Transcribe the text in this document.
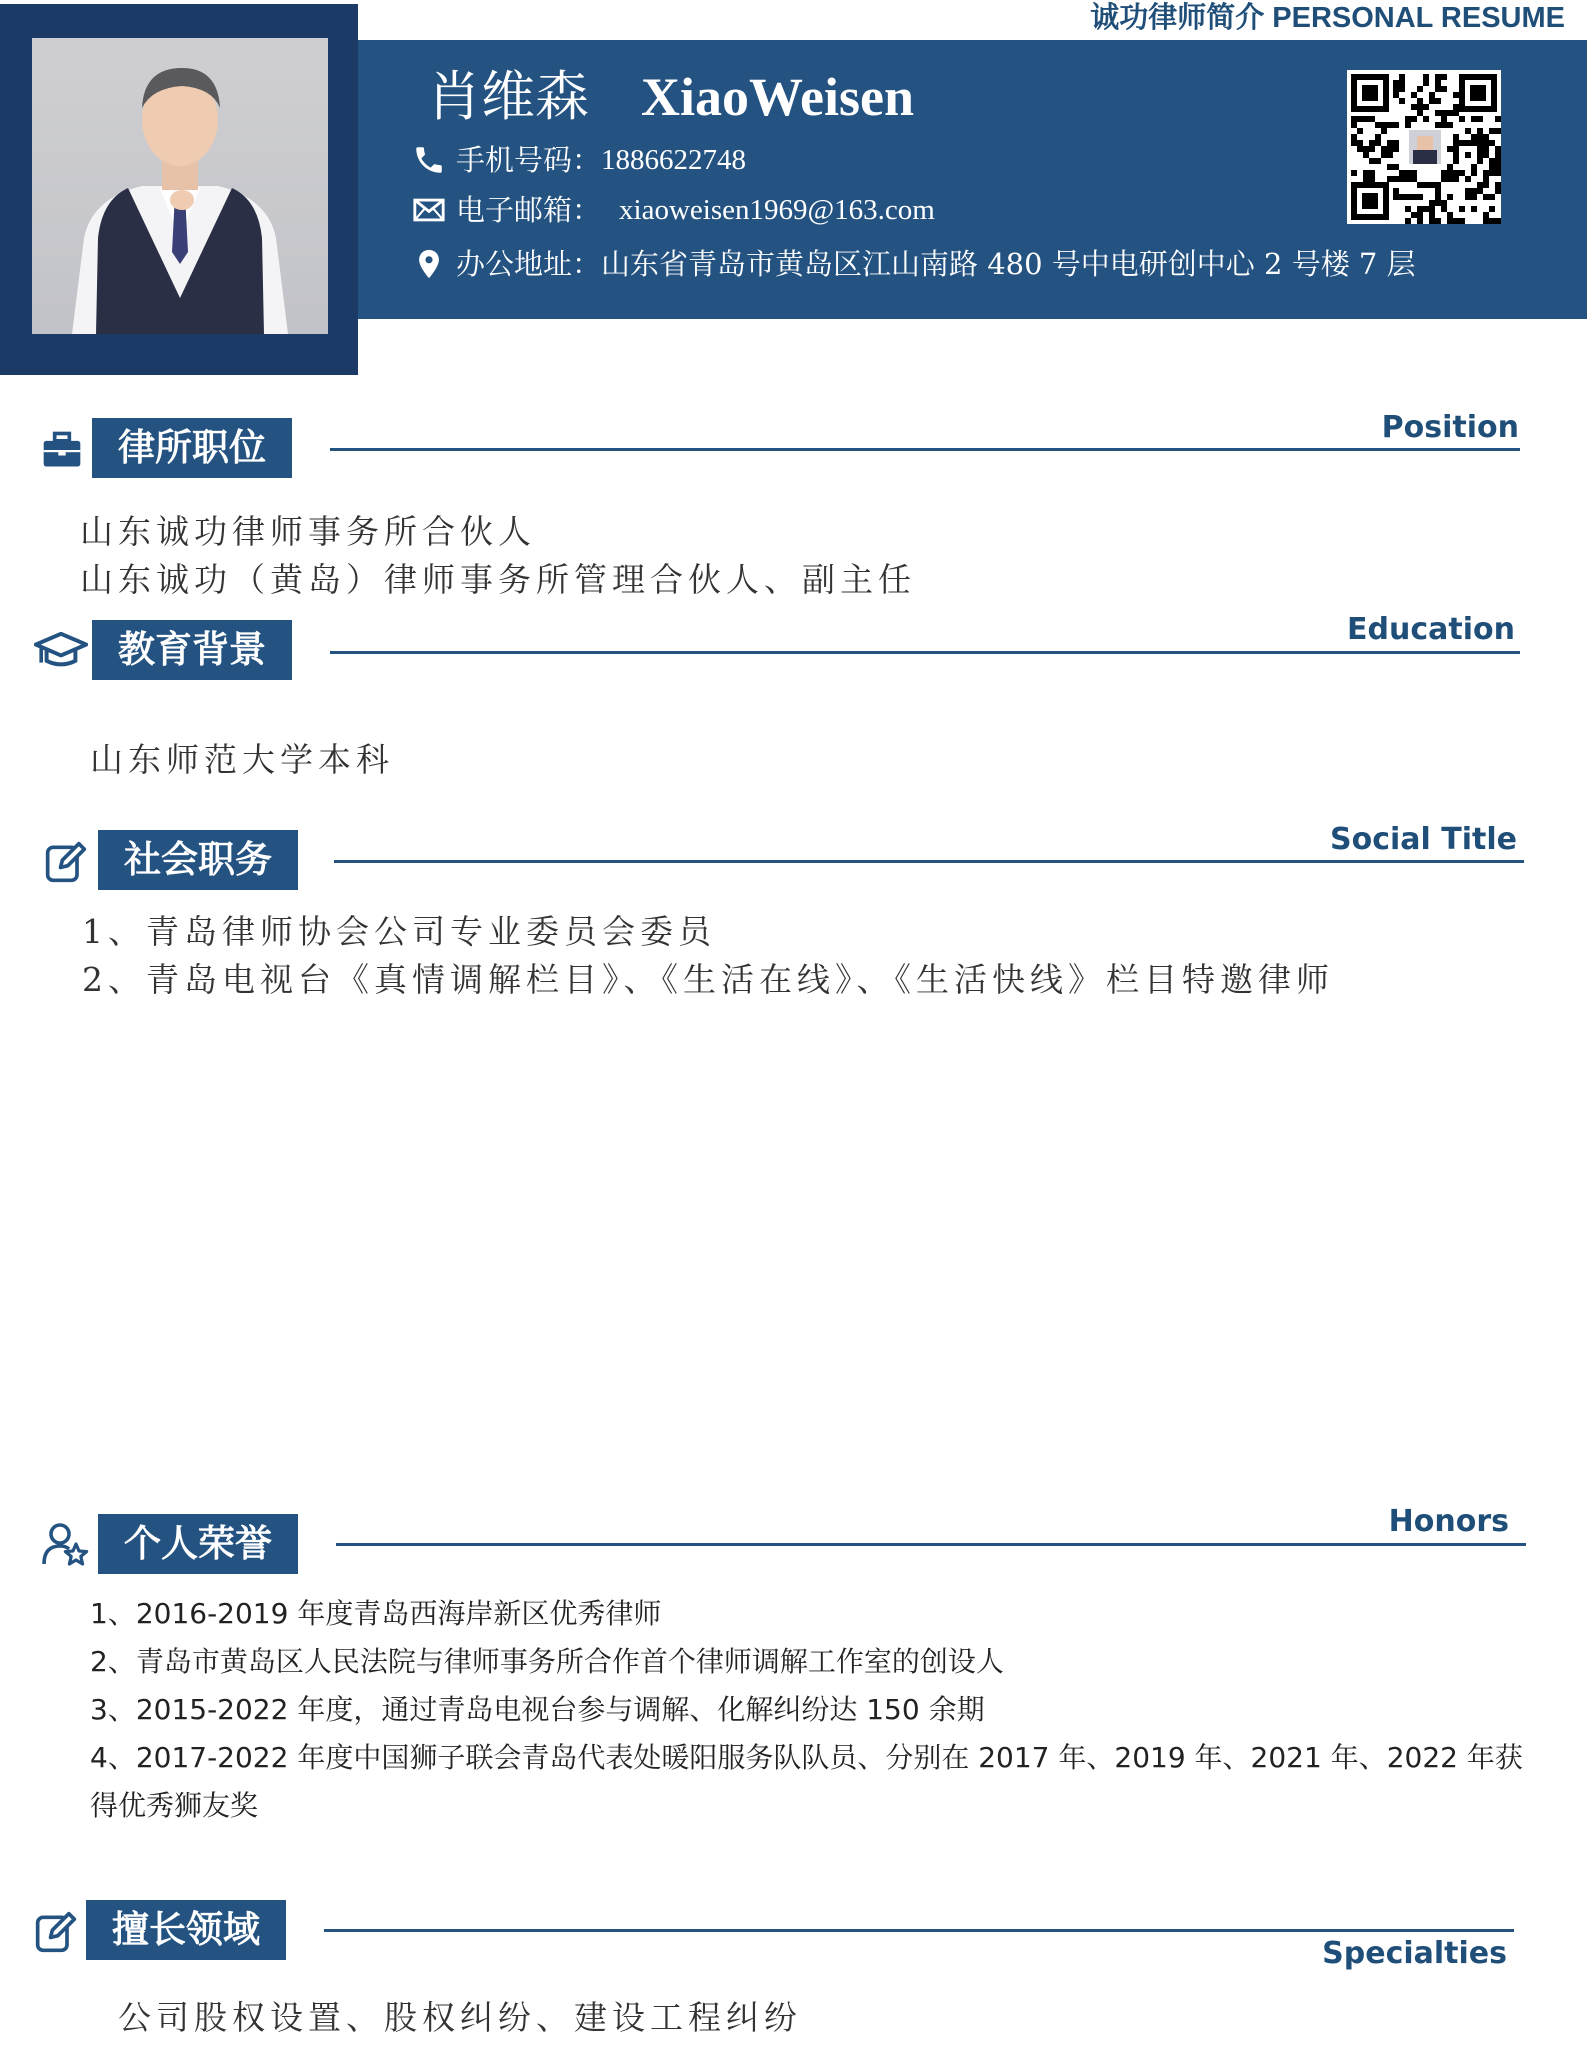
诚功律师简介 PERSONAL RESUME
肖维森 XiaoWeisen
手机号码： 1886622748
电子邮箱： xiaoweisen1969@163.com
办公地址： 山东省青岛市黄岛区江山南路 480 号中电研创中心 2 号楼 7 层
律所职位	Position
山东诚功律师事务所合伙人
山东诚功（黄岛）律师事务所管理合伙人、副主任
教育背景	Education
山东师范大学本科
社会职务	Social Title
1、青岛律师协会公司专业委员会委员
2、青岛电视台《真情调解栏目》、《生活在线》、《生活快线》栏目特邀律师
个人荣誉
Honors
1、2016-2019 年度青岛西海岸新区优秀律师
2、青岛市黄岛区人民法院与律师事务所合作首个律师调解工作室的创设人
3、2015-2022 年度，通过青岛电视台参与调解、化解纠纷达 150 余期
4、2017-2022 年度中国狮子联会青岛代表处暖阳服务队队员、分别在 2017 年、2019 年、2021 年、2022 年获
得优秀狮友奖
擅长领域
Specialties
公司股权设置、股权纠纷、建设工程纠纷
